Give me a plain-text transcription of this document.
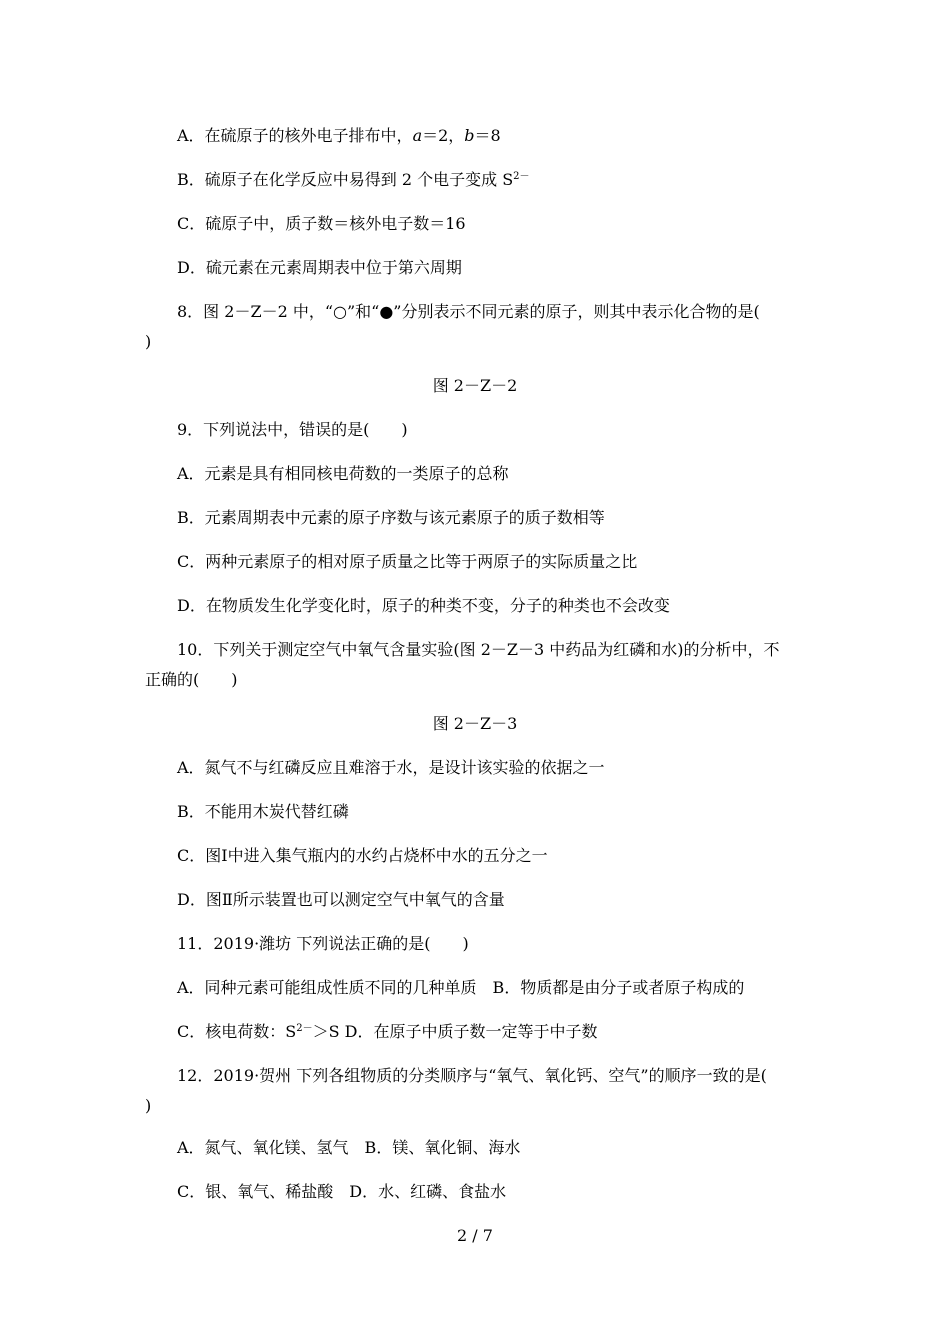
A．在硫原子的核外电子排布中，a＝2，b＝8
B．硫原子在化学反应中易得到 2 个电子变成 $S^{2-}$
C．硫原子中，质子数＝核外电子数＝16
D．硫元素在元素周期表中位于第六周期
8．图 2－Z－2 中，“○”和“●”分别表示不同元素的原子，则其中表示化合物的是(
)
图 2－Z－2
9．下列说法中，错误的是(　　)
A．元素是具有相同核电荷数的一类原子的总称
B．元素周期表中元素的原子序数与该元素原子的质子数相等
C．两种元素原子的相对原子质量之比等于两原子的实际质量之比
D．在物质发生化学变化时，原子的种类不变，分子的种类也不会改变
10．下列关于测定空气中氧气含量实验(图 2－Z－3 中药品为红磷和水)的分析中，不
正确的(　　)
图 2－Z－3
A．氮气不与红磷反应且难溶于水，是设计该实验的依据之一
B．不能用木炭代替红磷
C．图Ⅰ中进入集气瓶内的水约占烧杯中水的五分之一
D．图Ⅱ所示装置也可以测定空气中氧气的含量
11．2019·潍坊 下列说法正确的是(　　)
A．同种元素可能组成性质不同的几种单质　B．物质都是由分子或者原子构成的
C．核电荷数：$S^{2-}>S$ D．在原子中质子数一定等于中子数
12．2019·贺州 下列各组物质的分类顺序与“氧气、氧化钙、空气”的顺序一致的是(
)
A．氮气、氧化镁、氢气　B．镁、氧化铜、海水
C．银、氧气、稀盐酸　D．水、红磷、食盐水
2 / 7
